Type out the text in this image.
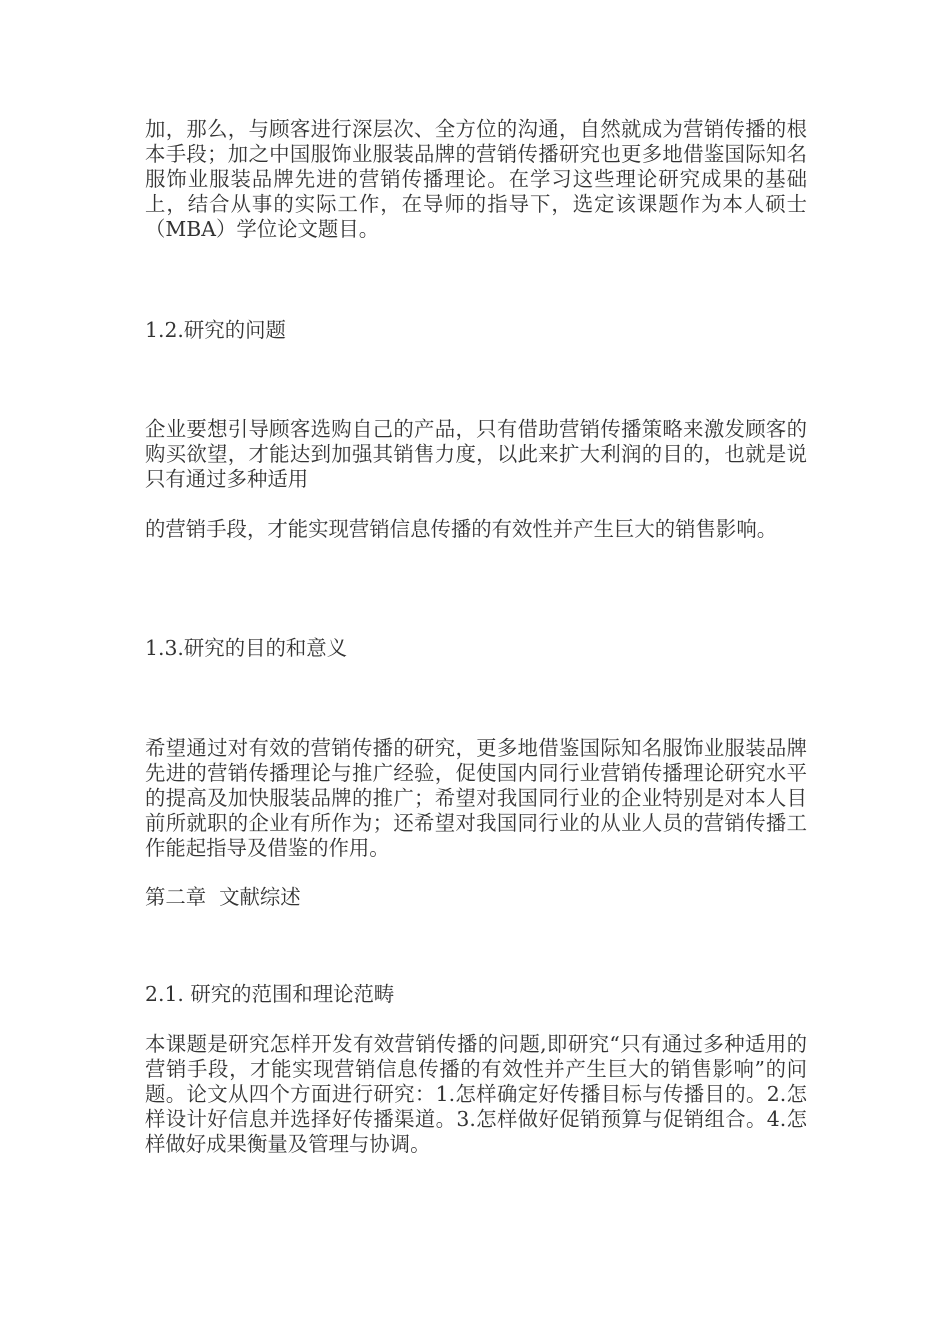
加，那么，与顾客进行深层次、全方位的沟通，自然就成为营销传播的根本手段；加之中国服饰业服装品牌的营销传播研究也更多地借鉴国际知名服饰业服装品牌先进的营销传播理论。在学习这些理论研究成果的基础上，结合从事的实际工作，在导师的指导下，选定该课题作为本人硕士（MBA）学位论文题目。

1.2.研究的问题

企业要想引导顾客选购自己的产品，只有借助营销传播策略来激发顾客的购买欲望，才能达到加强其销售力度，以此来扩大利润的目的，也就是说只有通过多种适用

的营销手段，才能实现营销信息传播的有效性并产生巨大的销售影响。

1.3.研究的目的和意义

希望通过对有效的营销传播的研究，更多地借鉴国际知名服饰业服装品牌先进的营销传播理论与推广经验，促使国内同行业营销传播理论研究水平的提高及加快服装品牌的推广；希望对我国同行业的企业特别是对本人目前所就职的企业有所作为；还希望对我国同行业的从业人员的营销传播工作能起指导及借鉴的作用。

第二章  文献综述
2.1. 研究的范围和理论范畴

本课题是研究怎样开发有效营销传播的问题,即研究“只有通过多种适用的营销手段，才能实现营销信息传播的有效性并产生巨大的销售影响”的问题。论文从四个方面进行研究：1.怎样确定好传播目标与传播目的。2.怎样设计好信息并选择好传播渠道。3.怎样做好促销预算与促销组合。4.怎样做好成果衡量及管理与协调。
